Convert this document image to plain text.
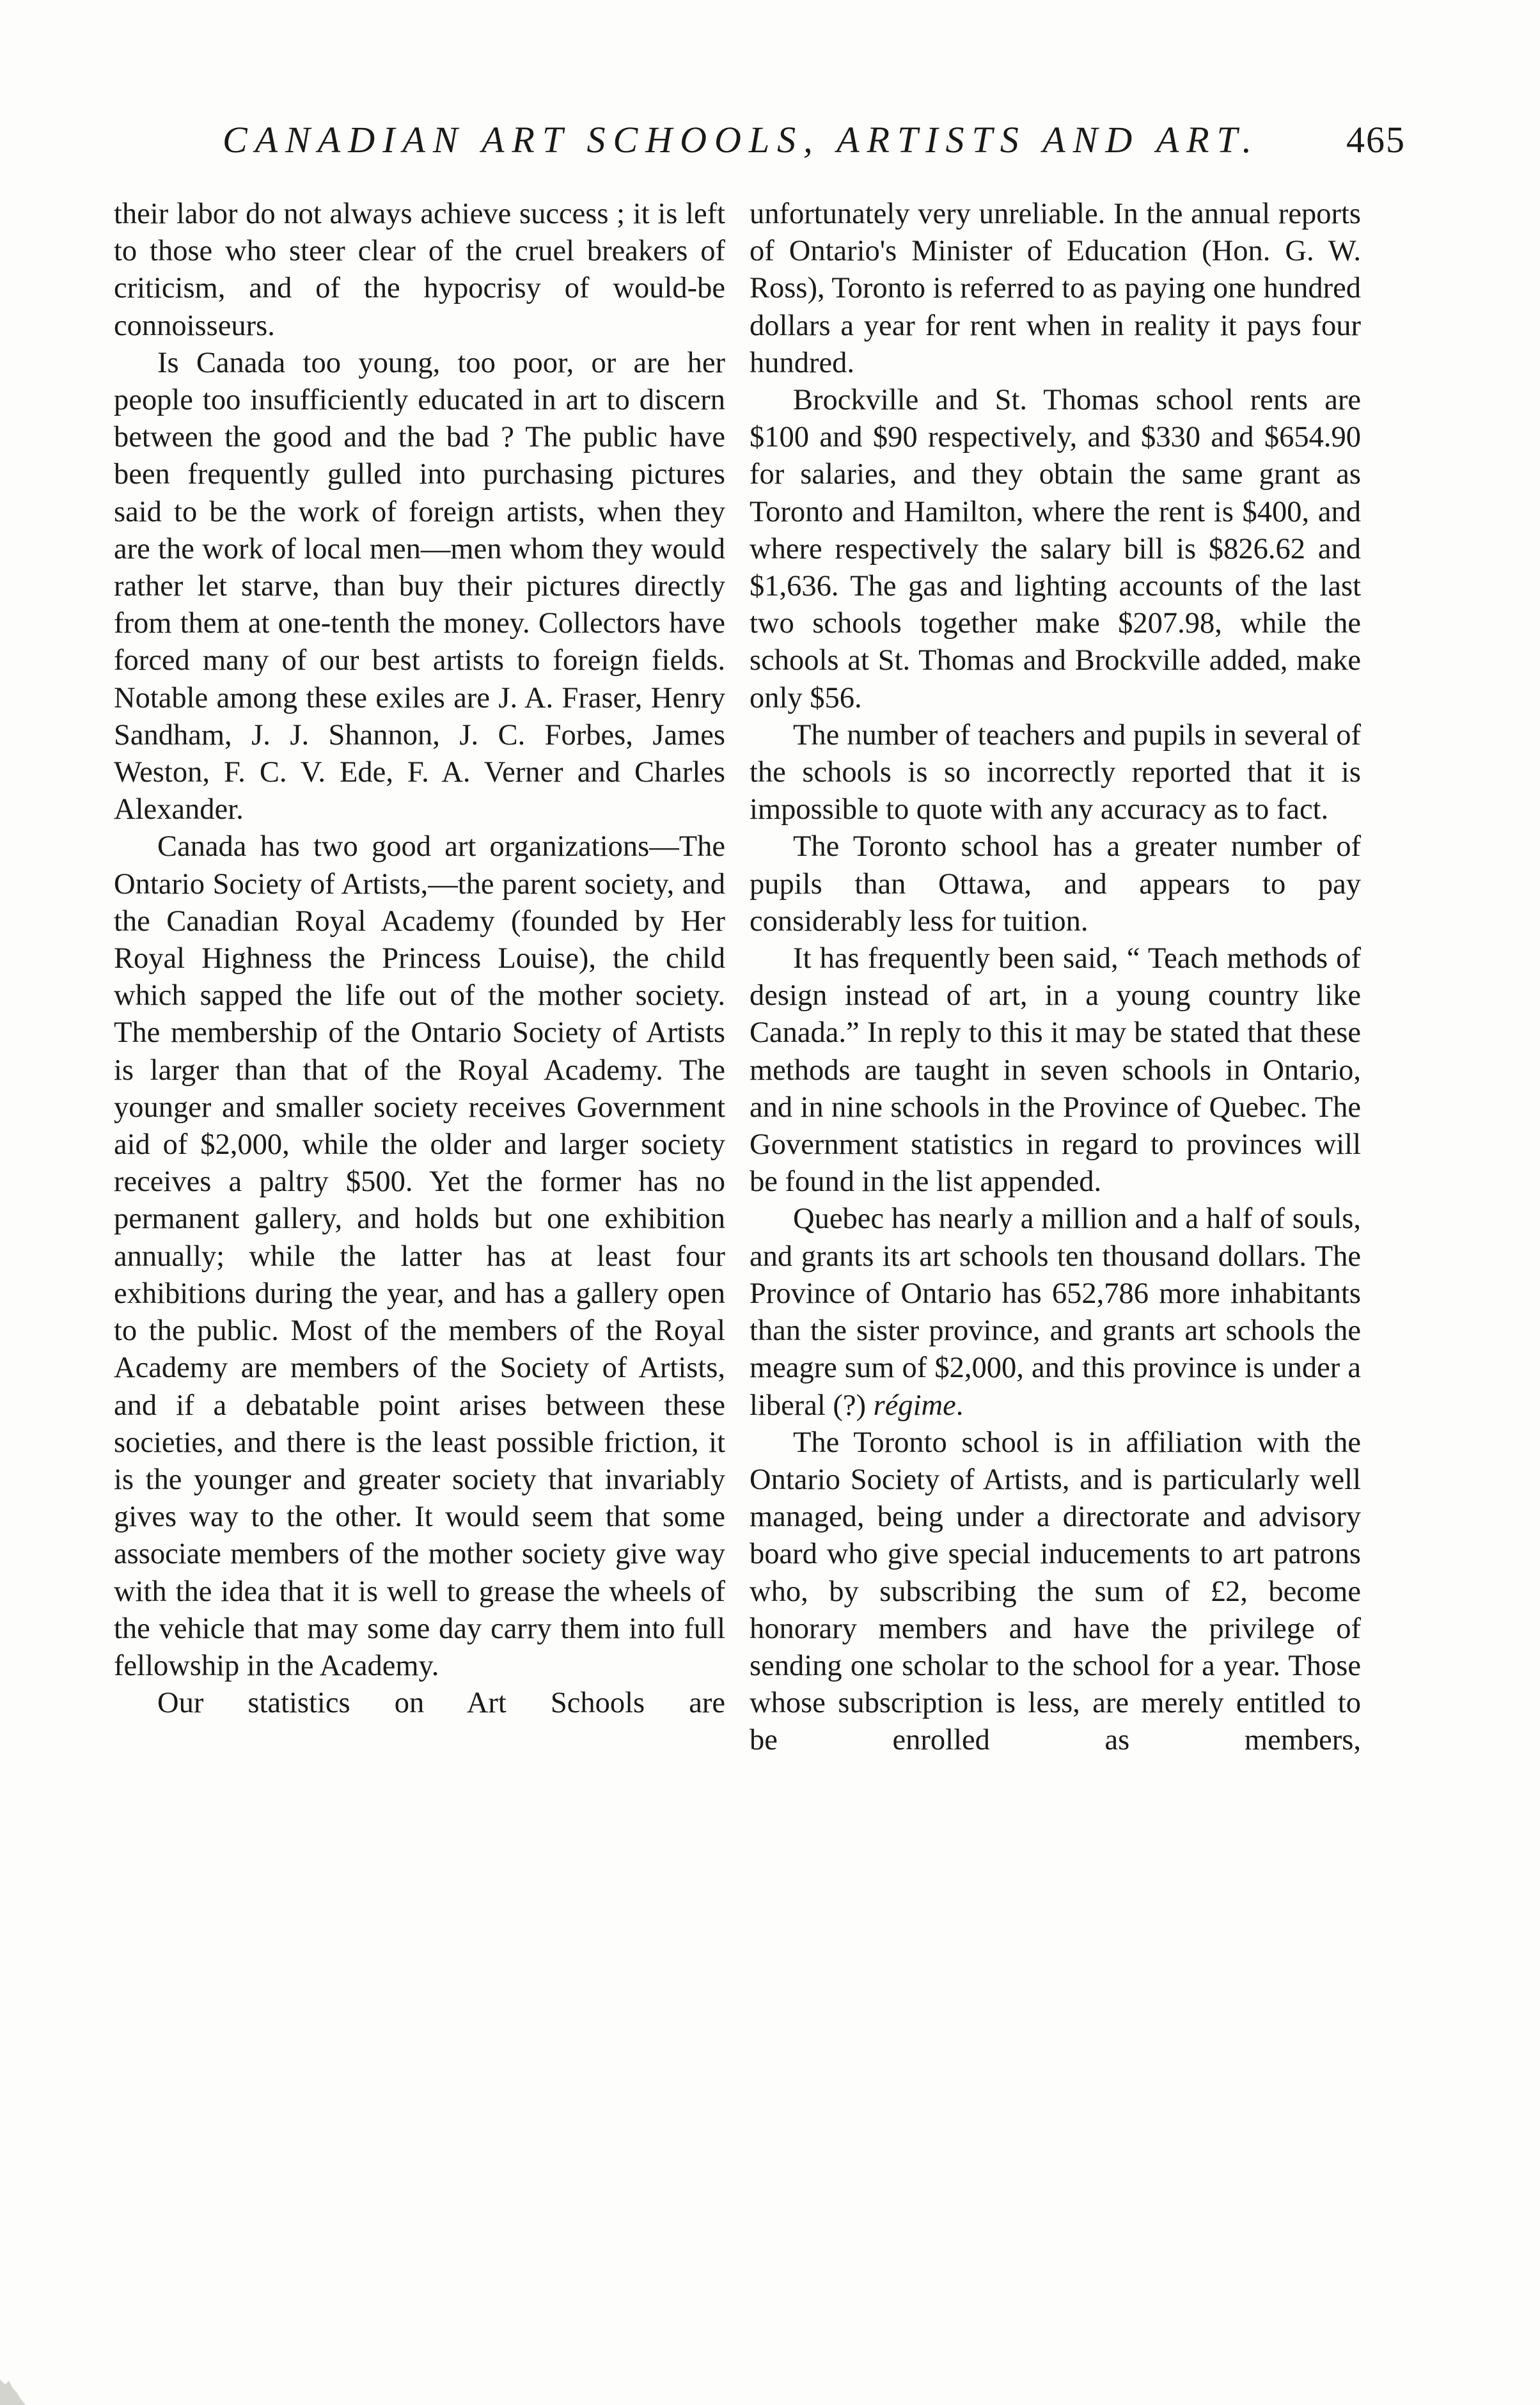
CANADIAN ART SCHOOLS, ARTISTS AND ART. 465

their labor do not always achieve success ; it is left to those who steer clear of the cruel breakers of criticism, and of the hypocrisy of would-be connoisseurs.

Is Canada too young, too poor, or are her people too insufficiently educated in art to discern between the good and the bad ? The public have been frequently gulled into purchasing pictures said to be the work of foreign artists, when they are the work of local men—men whom they would rather let starve, than buy their pictures directly from them at one-tenth the money. Collectors have forced many of our best artists to foreign fields. Notable among these exiles are J. A. Fraser, Henry Sandham, J. J. Shannon, J. C. Forbes, James Weston, F. C. V. Ede, F. A. Verner and Charles Alexander.

Canada has two good art organizations—The Ontario Society of Artists,—the parent society, and the Canadian Royal Academy (founded by Her Royal Highness the Princess Louise), the child which sapped the life out of the mother society. The membership of the Ontario Society of Artists is larger than that of the Royal Academy. The younger and smaller society receives Government aid of $2,000, while the older and larger society receives a paltry $500. Yet the former has no permanent gallery, and holds but one exhibition annually; while the latter has at least four exhibitions during the year, and has a gallery open to the public. Most of the members of the Royal Academy are members of the Society of Artists, and if a debatable point arises between these societies, and there is the least possible friction, it is the younger and greater society that invariably gives way to the other. It would seem that some associate members of the mother society give way with the idea that it is well to grease the wheels of the vehicle that may some day carry them into full fellowship in the Academy.

Our statistics on Art Schools are

unfortunately very unreliable. In the annual reports of Ontario's Minister of Education (Hon. G. W. Ross), Toronto is referred to as paying one hundred dollars a year for rent when in reality it pays four hundred.

Brockville and St. Thomas school rents are $100 and $90 respectively, and $330 and $654.90 for salaries, and they obtain the same grant as Toronto and Hamilton, where the rent is $400, and where respectively the salary bill is $826.62 and $1,636. The gas and lighting accounts of the last two schools together make $207.98, while the schools at St. Thomas and Brockville added, make only $56.

The number of teachers and pupils in several of the schools is so incorrectly reported that it is impossible to quote with any accuracy as to fact.

The Toronto school has a greater number of pupils than Ottawa, and appears to pay considerably less for tuition.

It has frequently been said, “ Teach methods of design instead of art, in a young country like Canada.” In reply to this it may be stated that these methods are taught in seven schools in Ontario, and in nine schools in the Province of Quebec. The Government statistics in regard to provinces will be found in the list appended.

Quebec has nearly a million and a half of souls, and grants its art schools ten thousand dollars. The Province of Ontario has 652,786 more inhabitants than the sister province, and grants art schools the meagre sum of $2,000, and this province is under a liberal (?) régime.

The Toronto school is in affiliation with the Ontario Society of Artists, and is particularly well managed, being under a directorate and advisory board who give special inducements to art patrons who, by subscribing the sum of £2, become honorary members and have the privilege of sending one scholar to the school for a year. Those whose subscription is less, are merely entitled to be enrolled as members,
